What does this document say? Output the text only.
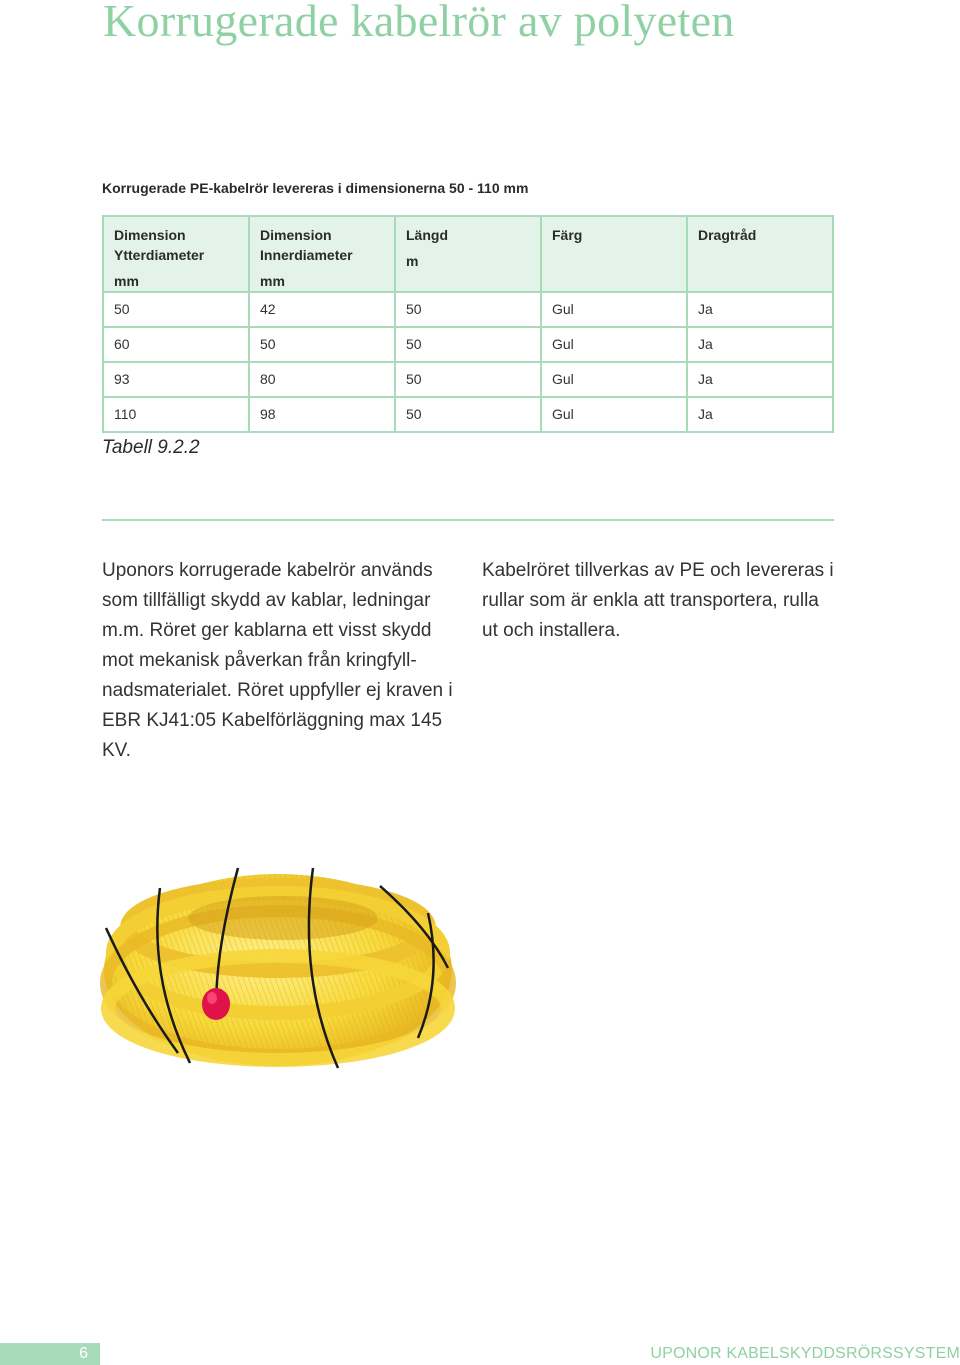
Korrugerade kabelrör av polyeten

Korrugerade PE-kabelrör levereras i dimensionerna 50 - 110 mm

Dimension
Ytterdiameter
mm	Dimension
Innerdiameter
mm	Längd
m	Färg	Dragtråd
50	42	50	Gul	Ja
60	50	50	Gul	Ja
93	80	50	Gul	Ja
110	98	50	Gul	Ja

Tabell 9.2.2

Uponors korrugerade kabelrör används som tillfälligt skydd av kablar, ledningar m.m. Röret ger kablarna ett visst skydd mot mekanisk påverkan från kringfyllnadsmaterialet. Röret uppfyller ej kraven i EBR KJ41:05 Kabelförläggning max 145 KV.

Kabelröret tillverkas av PE och levereras i rullar som är enkla att transportera, rulla ut och installera.

6	UPONOR KABELSKYDDSRÖRSSYSTEM
